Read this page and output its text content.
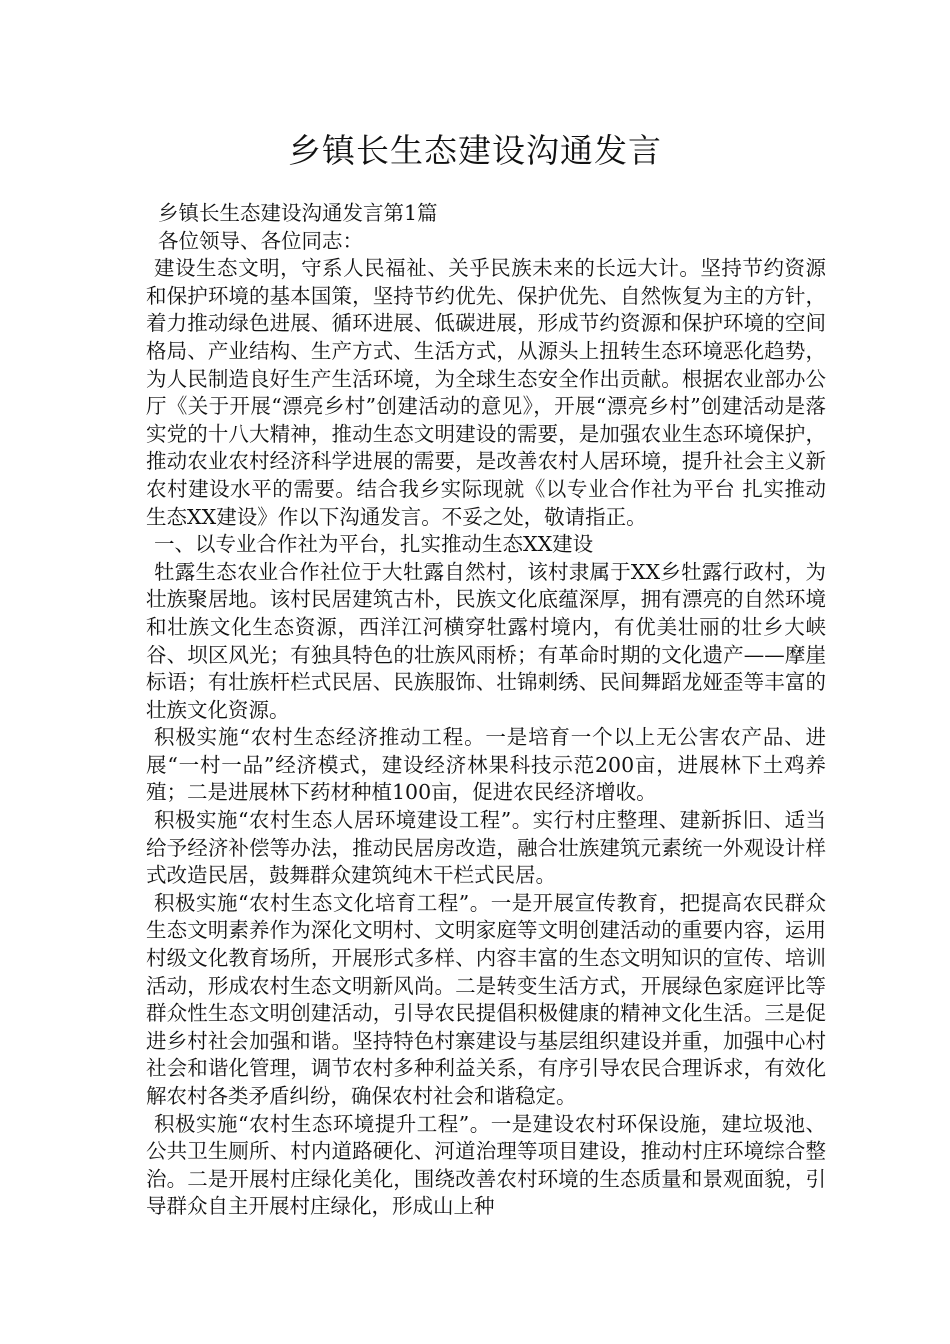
乡镇长生态建设沟通发言

乡镇长生态建设沟通发言第1篇

各位领导、各位同志：

建设生态文明，守系人民福祉、关乎民族未来的长远大计。坚持节约资源和保护环境的基本国策，坚持节约优先、保护优先、自然恢复为主的方针，着力推动绿色进展、循环进展、低碳进展，形成节约资源和保护环境的空间格局、产业结构、生产方式、生活方式，从源头上扭转生态环境恶化趋势，为人民制造良好生产生活环境，为全球生态安全作出贡献。根据农业部办公厅《关于开展“漂亮乡村”创建活动的意见》，开展“漂亮乡村”创建活动是落实党的十八大精神，推动生态文明建设的需要，是加强农业生态环境保护，推动农业农村经济科学进展的需要，是改善农村人居环境，提升社会主义新农村建设水平的需要。结合我乡实际现就《以专业合作社为平台 扎实推动生态XX建设》作以下沟通发言。不妥之处，敬请指正。

一、以专业合作社为平台，扎实推动生态XX建设

牡露生态农业合作社位于大牡露自然村，该村隶属于XX乡牡露行政村，为壮族聚居地。该村民居建筑古朴，民族文化底蕴深厚，拥有漂亮的自然环境和壮族文化生态资源，西洋江河横穿牡露村境内，有优美壮丽的壮乡大峡谷、坝区风光；有独具特色的壮族风雨桥；有革命时期的文化遗产——摩崖标语；有壮族杆栏式民居、民族服饰、壮锦刺绣、民间舞蹈龙娅歪等丰富的壮族文化资源。

积极实施“农村生态经济推动工程。一是培育一个以上无公害农产品、进展“一村一品”经济模式，建设经济林果科技示范200亩，进展林下土鸡养殖；二是进展林下药材种植100亩，促进农民经济增收。

积极实施“农村生态人居环境建设工程”。实行村庄整理、建新拆旧、适当给予经济补偿等办法，推动民居房改造，融合壮族建筑元素统一外观设计样式改造民居，鼓舞群众建筑纯木干栏式民居。

积极实施“农村生态文化培育工程”。一是开展宣传教育，把提高农民群众生态文明素养作为深化文明村、文明家庭等文明创建活动的重要内容，运用村级文化教育场所，开展形式多样、内容丰富的生态文明知识的宣传、培训活动，形成农村生态文明新风尚。二是转变生活方式，开展绿色家庭评比等群众性生态文明创建活动，引导农民提倡积极健康的精神文化生活。三是促进乡村社会加强和谐。坚持特色村寨建设与基层组织建设并重，加强中心村社会和谐化管理，调节农村多种利益关系，有序引导农民合理诉求，有效化解农村各类矛盾纠纷，确保农村社会和谐稳定。

积极实施“农村生态环境提升工程”。一是建设农村环保设施，建垃圾池、公共卫生厕所、村内道路硬化、河道治理等项目建设，推动村庄环境综合整治。二是开展村庄绿化美化，围绕改善农村环境的生态质量和景观面貌，引导群众自主开展村庄绿化，形成山上种
